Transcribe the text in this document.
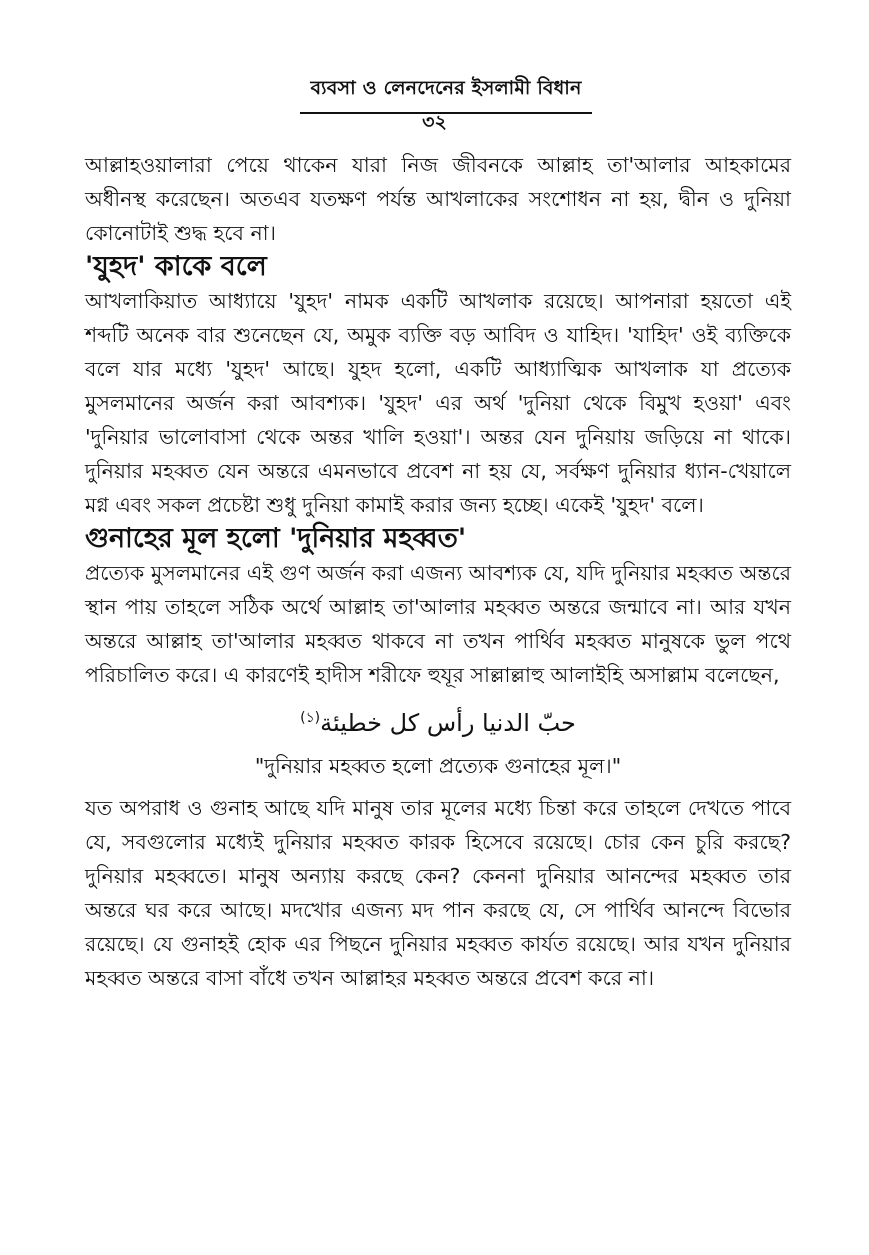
ব্যবসা ও লেনদেনের ইসলামী বিধান
৩২

আল্লাহওয়ালারা পেয়ে থাকেন যারা নিজ জীবনকে আল্লাহ তা'আলার আহকামের অধীনস্থ করেছেন। অতএব যতক্ষণ পর্যন্ত আখলাকের সংশোধন না হয়, দ্বীন ও দুনিয়া কোনোটাই শুদ্ধ হবে না।

'যুহদ' কাকে বলে

আখলাকিয়াত আধ্যায়ে 'যুহদ' নামক একটি আখলাক রয়েছে। আপনারা হয়তো এই শব্দটি অনেক বার শুনেছেন যে, অমুক ব্যক্তি বড় আবিদ ও যাহিদ। 'যাহিদ' ওই ব্যক্তিকে বলে যার মধ্যে 'যুহদ' আছে। যুহদ হলো, একটি আধ্যাত্মিক আখলাক যা প্রত্যেক মুসলমানের অর্জন করা আবশ্যক। 'যুহদ' এর অর্থ 'দুনিয়া থেকে বিমুখ হওয়া' এবং 'দুনিয়ার ভালোবাসা থেকে অন্তর খালি হওয়া'। অন্তর যেন দুনিয়ায় জড়িয়ে না থাকে। দুনিয়ার মহব্বত যেন অন্তরে এমনভাবে প্রবেশ না হয় যে, সর্বক্ষণ দুনিয়ার ধ্যান-খেয়ালে মগ্ন এবং সকল প্রচেষ্টা শুধু দুনিয়া কামাই করার জন্য হচ্ছে। একেই 'যুহদ' বলে।

গুনাহের মূল হলো 'দুনিয়ার মহব্বত'

প্রত্যেক মুসলমানের এই গুণ অর্জন করা এজন্য আবশ্যক যে, যদি দুনিয়ার মহব্বত অন্তরে স্থান পায় তাহলে সঠিক অর্থে আল্লাহ তা'আলার মহব্বত অন্তরে জন্মাবে না। আর যখন অন্তরে আল্লাহ তা'আলার মহব্বত থাকবে না তখন পার্থিব মহব্বত মানুষকে ভুল পথে পরিচালিত করে। এ কারণেই হাদীস শরীফে হুযূর সাল্লাল্লাহু আলাইহি অসাল্লাম বলেছেন,

حبّ الدنيا رأس كل خطيئة$^{(১)}$

"দুনিয়ার মহব্বত হলো প্রত্যেক গুনাহের মূল।"

যত অপরাধ ও গুনাহ আছে যদি মানুষ তার মূলের মধ্যে চিন্তা করে তাহলে দেখতে পাবে যে, সবগুলোর মধ্যেই দুনিয়ার মহব্বত কারক হিসেবে রয়েছে। চোর কেন চুরি করছে? দুনিয়ার মহব্বতে। মানুষ অন্যায় করছে কেন? কেননা দুনিয়ার আনন্দের মহব্বত তার অন্তরে ঘর করে আছে। মদখোর এজন্য মদ পান করছে যে, সে পার্থিব আনন্দে বিভোর রয়েছে। যে গুনাহই হোক এর পিছনে দুনিয়ার মহব্বত কার্যত রয়েছে। আর যখন দুনিয়ার মহব্বত অন্তরে বাসা বাঁধে তখন আল্লাহর মহব্বত অন্তরে প্রবেশ করে না।
